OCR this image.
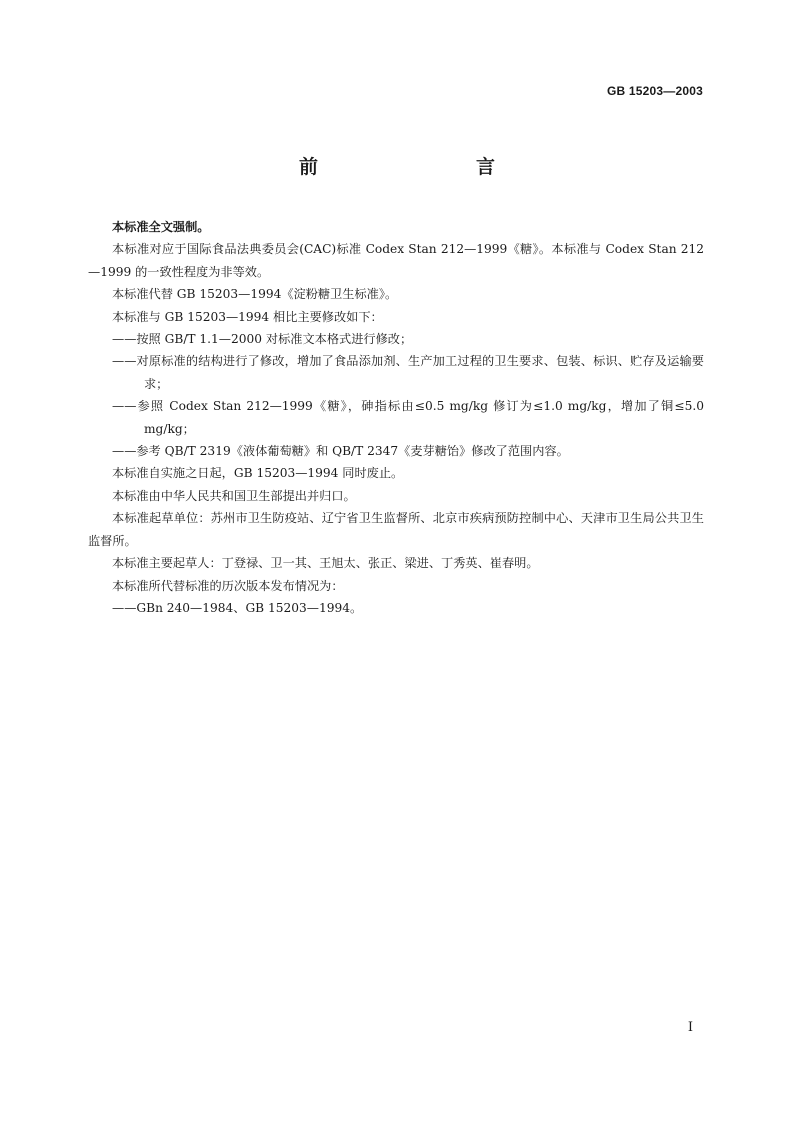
GB 15203—2003
前　　言

本标准全文强制。

本标准对应于国际食品法典委员会(CAC)标准 Codex Stan 212—1999《糖》。本标准与 Codex Stan 212—1999 的一致性程度为非等效。

本标准代替 GB 15203—1994《淀粉糖卫生标准》。

本标准与 GB 15203—1994 相比主要修改如下：

——按照 GB/T 1.1—2000 对标准文本格式进行修改；

——对原标准的结构进行了修改，增加了食品添加剂、生产加工过程的卫生要求、包装、标识、贮存及运输要求；

——参照 Codex Stan 212—1999《糖》，砷指标由≤0.5 mg/kg 修订为≤1.0 mg/kg，增加了铜≤5.0 mg/kg；

——参考 QB/T 2319《液体葡萄糖》和 QB/T 2347《麦芽糖饴》修改了范围内容。

本标准自实施之日起，GB 15203—1994 同时废止。

本标准由中华人民共和国卫生部提出并归口。

本标准起草单位：苏州市卫生防疫站、辽宁省卫生监督所、北京市疾病预防控制中心、天津市卫生局公共卫生监督所。

本标准主要起草人：丁登禄、卫一其、王旭太、张正、梁进、丁秀英、崔春明。

本标准所代替标准的历次版本发布情况为：

——GBn 240—1984、GB 15203—1994。

I
